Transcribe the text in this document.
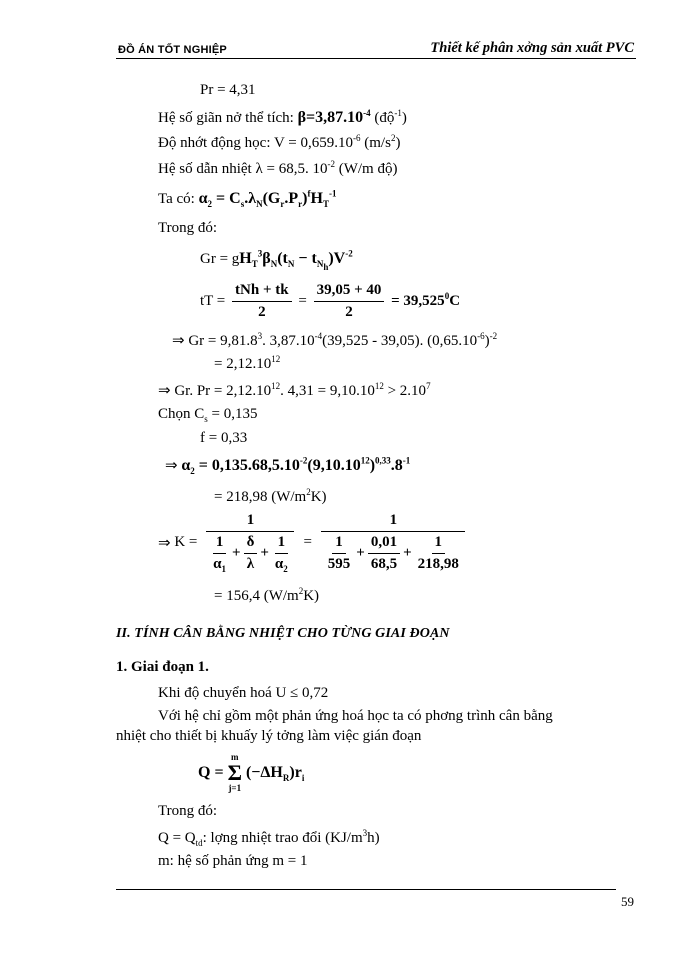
ĐỒ ÁN TỐT NGHIỆP	Thiết kế phân xởng sản xuất PVC
Pr = 4,31
Hệ số giãn nở thể tích: $\beta=3,87.10^{-4}$ (độ$^{-1}$)
Độ nhớt động học: $V = 0,659.10^{-6}$ $(m/s^2)$
Hệ số dẫn nhiệt λ = 68,5. $10^{-2}$ (W/m độ)
Ta có: $\alpha_2 = C_s.\lambda_N(G_r.P_r)^fH_T^{-1}$
Trong đó:
$Gr = gH_T^3\beta_N(t_N - t_{N_h})V^{-2}$
tT = $\frac{\text{tNh + tk}}{2} = \frac{39,05 + 40}{2} = 39,525^0C$
⇒ $Gr = 9,81.8^3$. $3,87.10^{-4}(39,525 - 39,05)$. $(0,65.10^{-6})^{-2}$
= $2,12.10^{12}$
⇒ Gr. $Pr = 2,12.10^{12}$. $4,31 = 9,10.10^{12} > 2.10^7$
Chọn $C_s = 0,135$
f = 0,33
⇒ $\alpha_2 = 0,135.68,5.10^{-2}(9,10.10^{12})^{0,33}.8^{-1}$
= 218,98 $(W/m^2K)$
⇒ $K = \frac{1}{\frac{1}{\alpha_1} + \frac{\delta}{\lambda} + \frac{1}{\alpha_2}} = \frac{1}{\frac{1}{595} + \frac{0,01}{68,5} + \frac{1}{218,98}}$
= 156,4 $(W/m^2K)$
II. TÍNH CÂN BẰNG NHIỆT CHO TỪNG GIAI ĐOẠN
1. Giai đoạn 1.
Khi độ chuyển hoá U ≤ 0,72
Với hệ chỉ gồm một phản ứng hoá học ta có phơng trình cân bằng
nhiệt cho thiết bị khuấy lý tởng làm việc gián đoạn
Q =
m
Σ
j=1
$(-\Delta H_R)r_i$
Trong đó:
$Q = Q_{td}$: lợng nhiệt trao đổi $(KJ/m^3h)$
m: hệ số phản ứng m = 1
59
